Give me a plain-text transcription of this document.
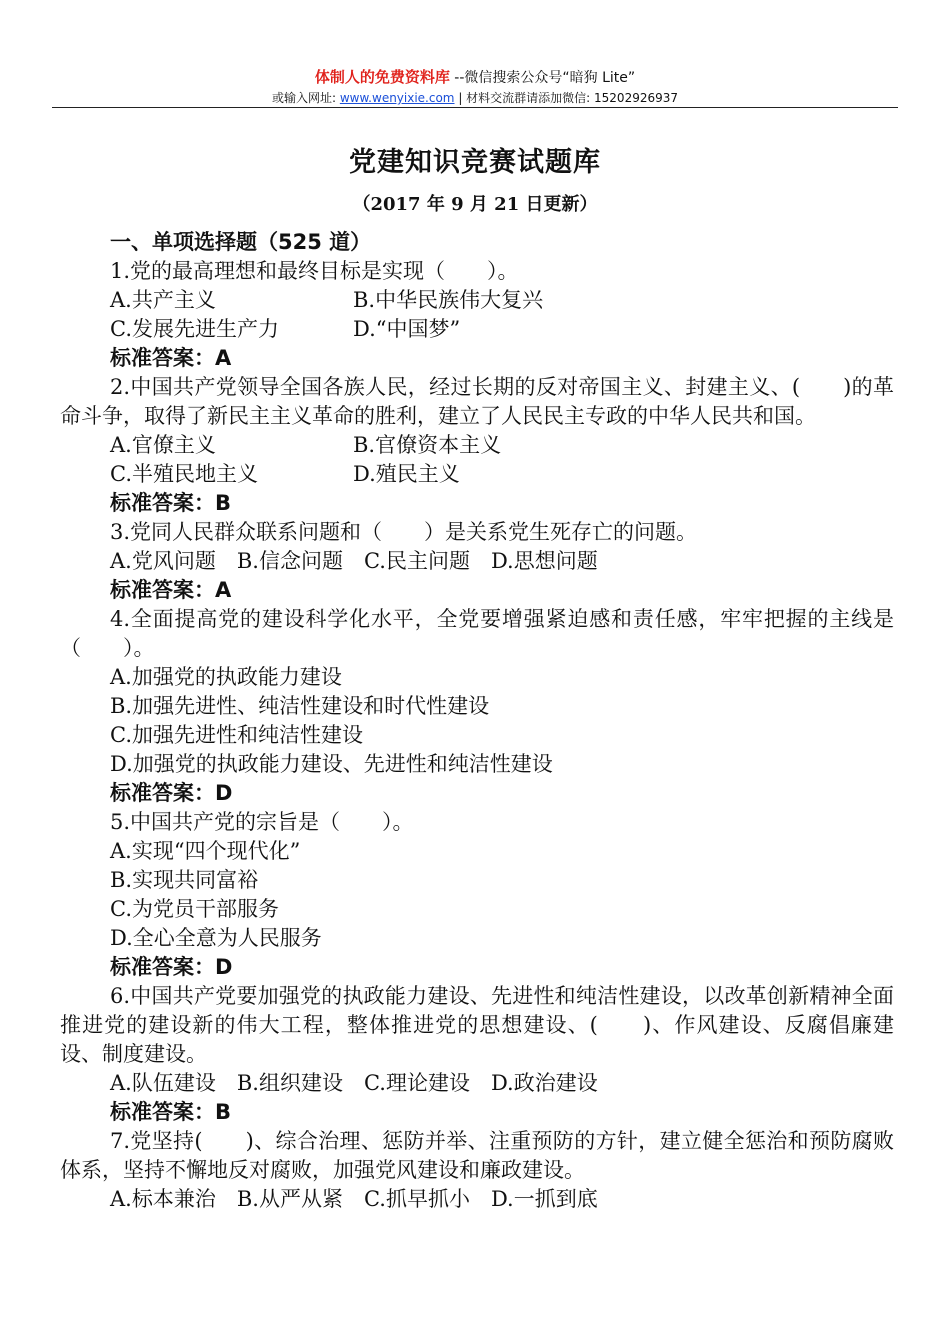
体制人的免费资料库 --微信搜索公众号“暗狗 Lite”
或输入网址: www.wenyixie.com | 材料交流群请添加微信: 15202926937
党建知识竞赛试题库
（2017 年 9 月 21 日更新）
一、单项选择题（525 道）
1.党的最高理想和最终目标是实现（　　）。
A.共产主义	B.中华民族伟大复兴
C.发展先进生产力	D.“中国梦”
标准答案：A
2.中国共产党领导全国各族人民，经过长期的反对帝国主义、封建主义、(　　)的革命斗争，取得了新民主主义革命的胜利，建立了人民民主专政的中华人民共和国。
A.官僚主义	B.官僚资本主义
C.半殖民地主义	D.殖民主义
标准答案：B
3.党同人民群众联系问题和（　　）是关系党生死存亡的问题。
A.党风问题　B.信念问题　C.民主问题　D.思想问题
标准答案：A
4.全面提高党的建设科学化水平，全党要增强紧迫感和责任感，牢牢把握的主线是（　　）。
A.加强党的执政能力建设
B.加强先进性、纯洁性建设和时代性建设
C.加强先进性和纯洁性建设
D.加强党的执政能力建设、先进性和纯洁性建设
标准答案：D
5.中国共产党的宗旨是（　　）。
A.实现“四个现代化”
B.实现共同富裕
C.为党员干部服务
D.全心全意为人民服务
标准答案：D
6.中国共产党要加强党的执政能力建设、先进性和纯洁性建设，以改革创新精神全面推进党的建设新的伟大工程，整体推进党的思想建设、(　　)、作风建设、反腐倡廉建设、制度建设。
A.队伍建设　B.组织建设　C.理论建设　D.政治建设
标准答案：B
7.党坚持(　　)、综合治理、惩防并举、注重预防的方针，建立健全惩治和预防腐败体系，坚持不懈地反对腐败，加强党风建设和廉政建设。
A.标本兼治　B.从严从紧　C.抓早抓小　D.一抓到底
